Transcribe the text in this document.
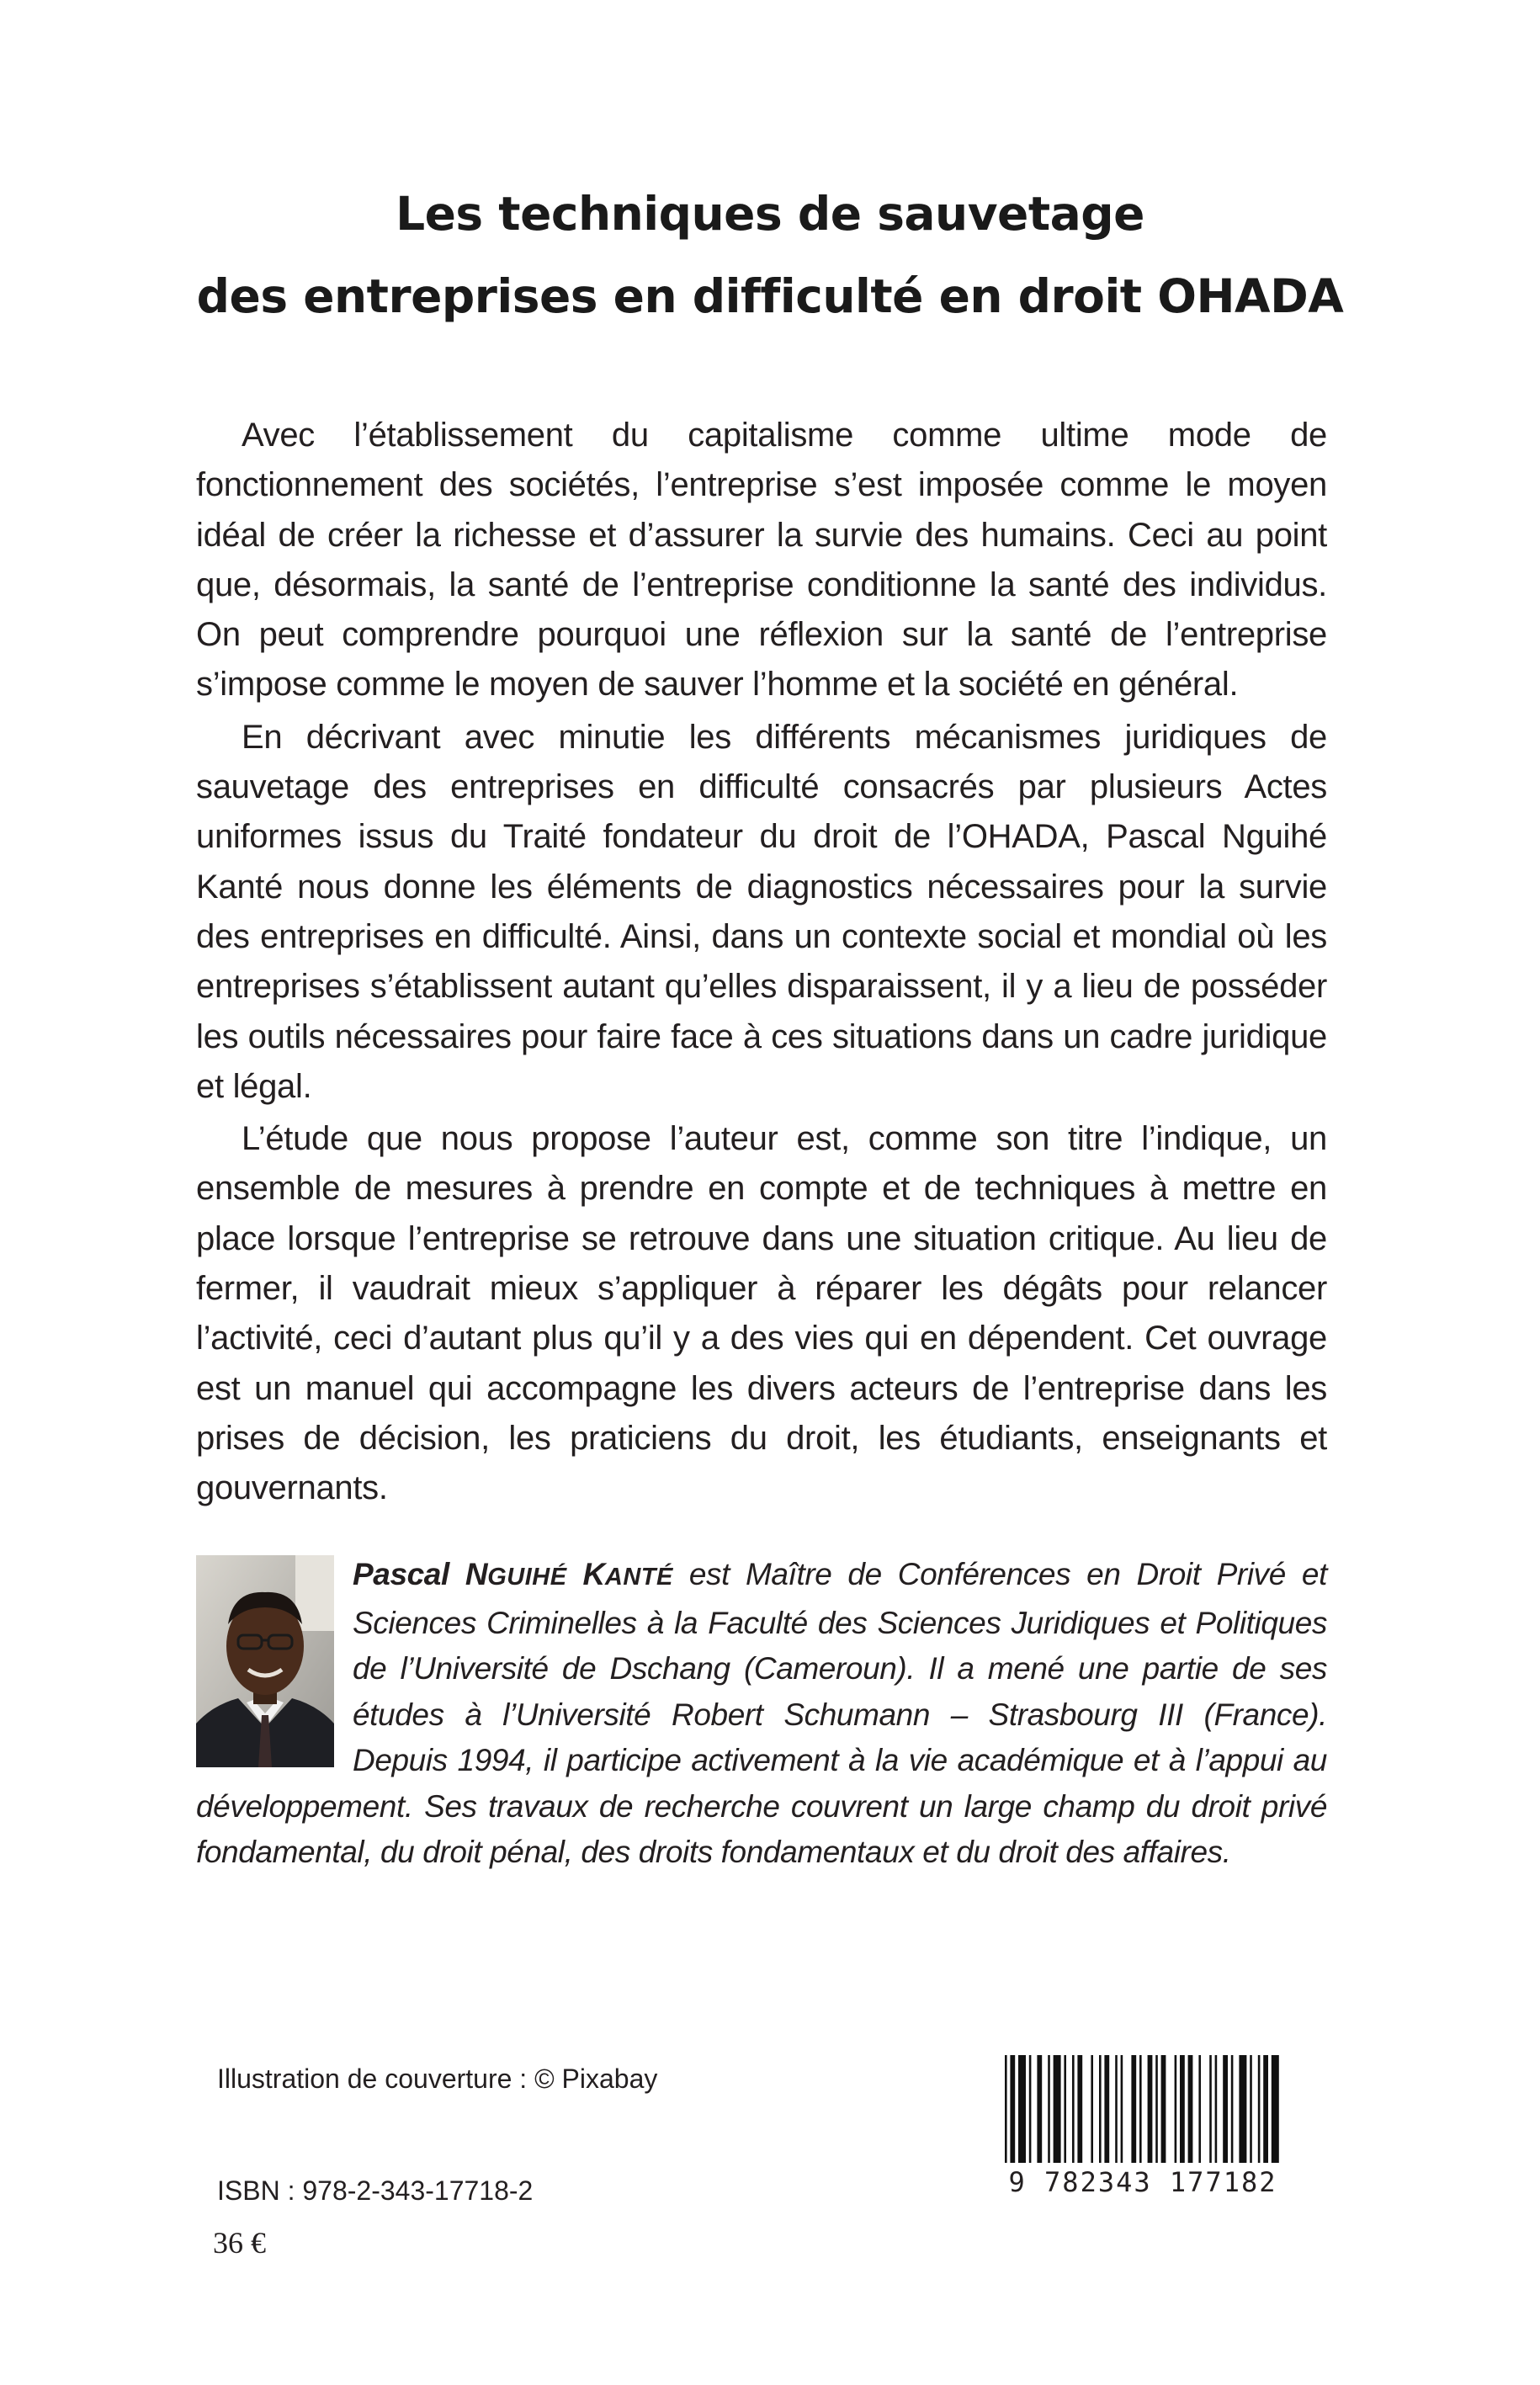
Les techniques de sauvetage
des entreprises en difficulté en droit OHADA

Avec l’établissement du capitalisme comme ultime mode de fonctionnement des sociétés, l’entreprise s’est imposée comme le moyen idéal de créer la richesse et d’assurer la survie des humains. Ceci au point que, désormais, la santé de l’entreprise conditionne la santé des individus. On peut comprendre pourquoi une réflexion sur la santé de l’entreprise s’impose comme le moyen de sauver l’homme et la société en général.

En décrivant avec minutie les différents mécanismes juridiques de sauvetage des entreprises en difficulté consacrés par plusieurs Actes uniformes issus du Traité fondateur du droit de l’OHADA, Pascal Nguihé Kanté nous donne les éléments de diagnostics nécessaires pour la survie des entreprises en difficulté. Ainsi, dans un contexte social et mondial où les entreprises s’établissent autant qu’elles disparaissent, il y a lieu de posséder les outils nécessaires pour faire face à ces situations dans un cadre juridique et légal.

L’étude que nous propose l’auteur est, comme son titre l’indique, un ensemble de mesures à prendre en compte et de techniques à mettre en place lorsque l’entreprise se retrouve dans une situation critique. Au lieu de fermer, il vaudrait mieux s’appliquer à réparer les dégâts pour relancer l’activité, ceci d’autant plus qu’il y a des vies qui en dépendent. Cet ouvrage est un manuel qui accompagne les divers acteurs de l’entreprise dans les prises de décision, les praticiens du droit, les étudiants, enseignants et gouvernants.

Pascal NGUIHÉ KANTÉ est Maître de Conférences en Droit Privé et Sciences Criminelles à la Faculté des Sciences Juridiques et Politiques de l’Université de Dschang (Cameroun). Il a mené une partie de ses études à l’Université Robert Schumann – Strasbourg III (France). Depuis 1994, il participe activement à la vie académique et à l’appui au développement. Ses travaux de recherche couvrent un large champ du droit privé fondamental, du droit pénal, des droits fondamentaux et du droit des affaires.

Illustration de couverture : © Pixabay
9 782343 177182
ISBN : 978-2-343-17718-2
36 €
